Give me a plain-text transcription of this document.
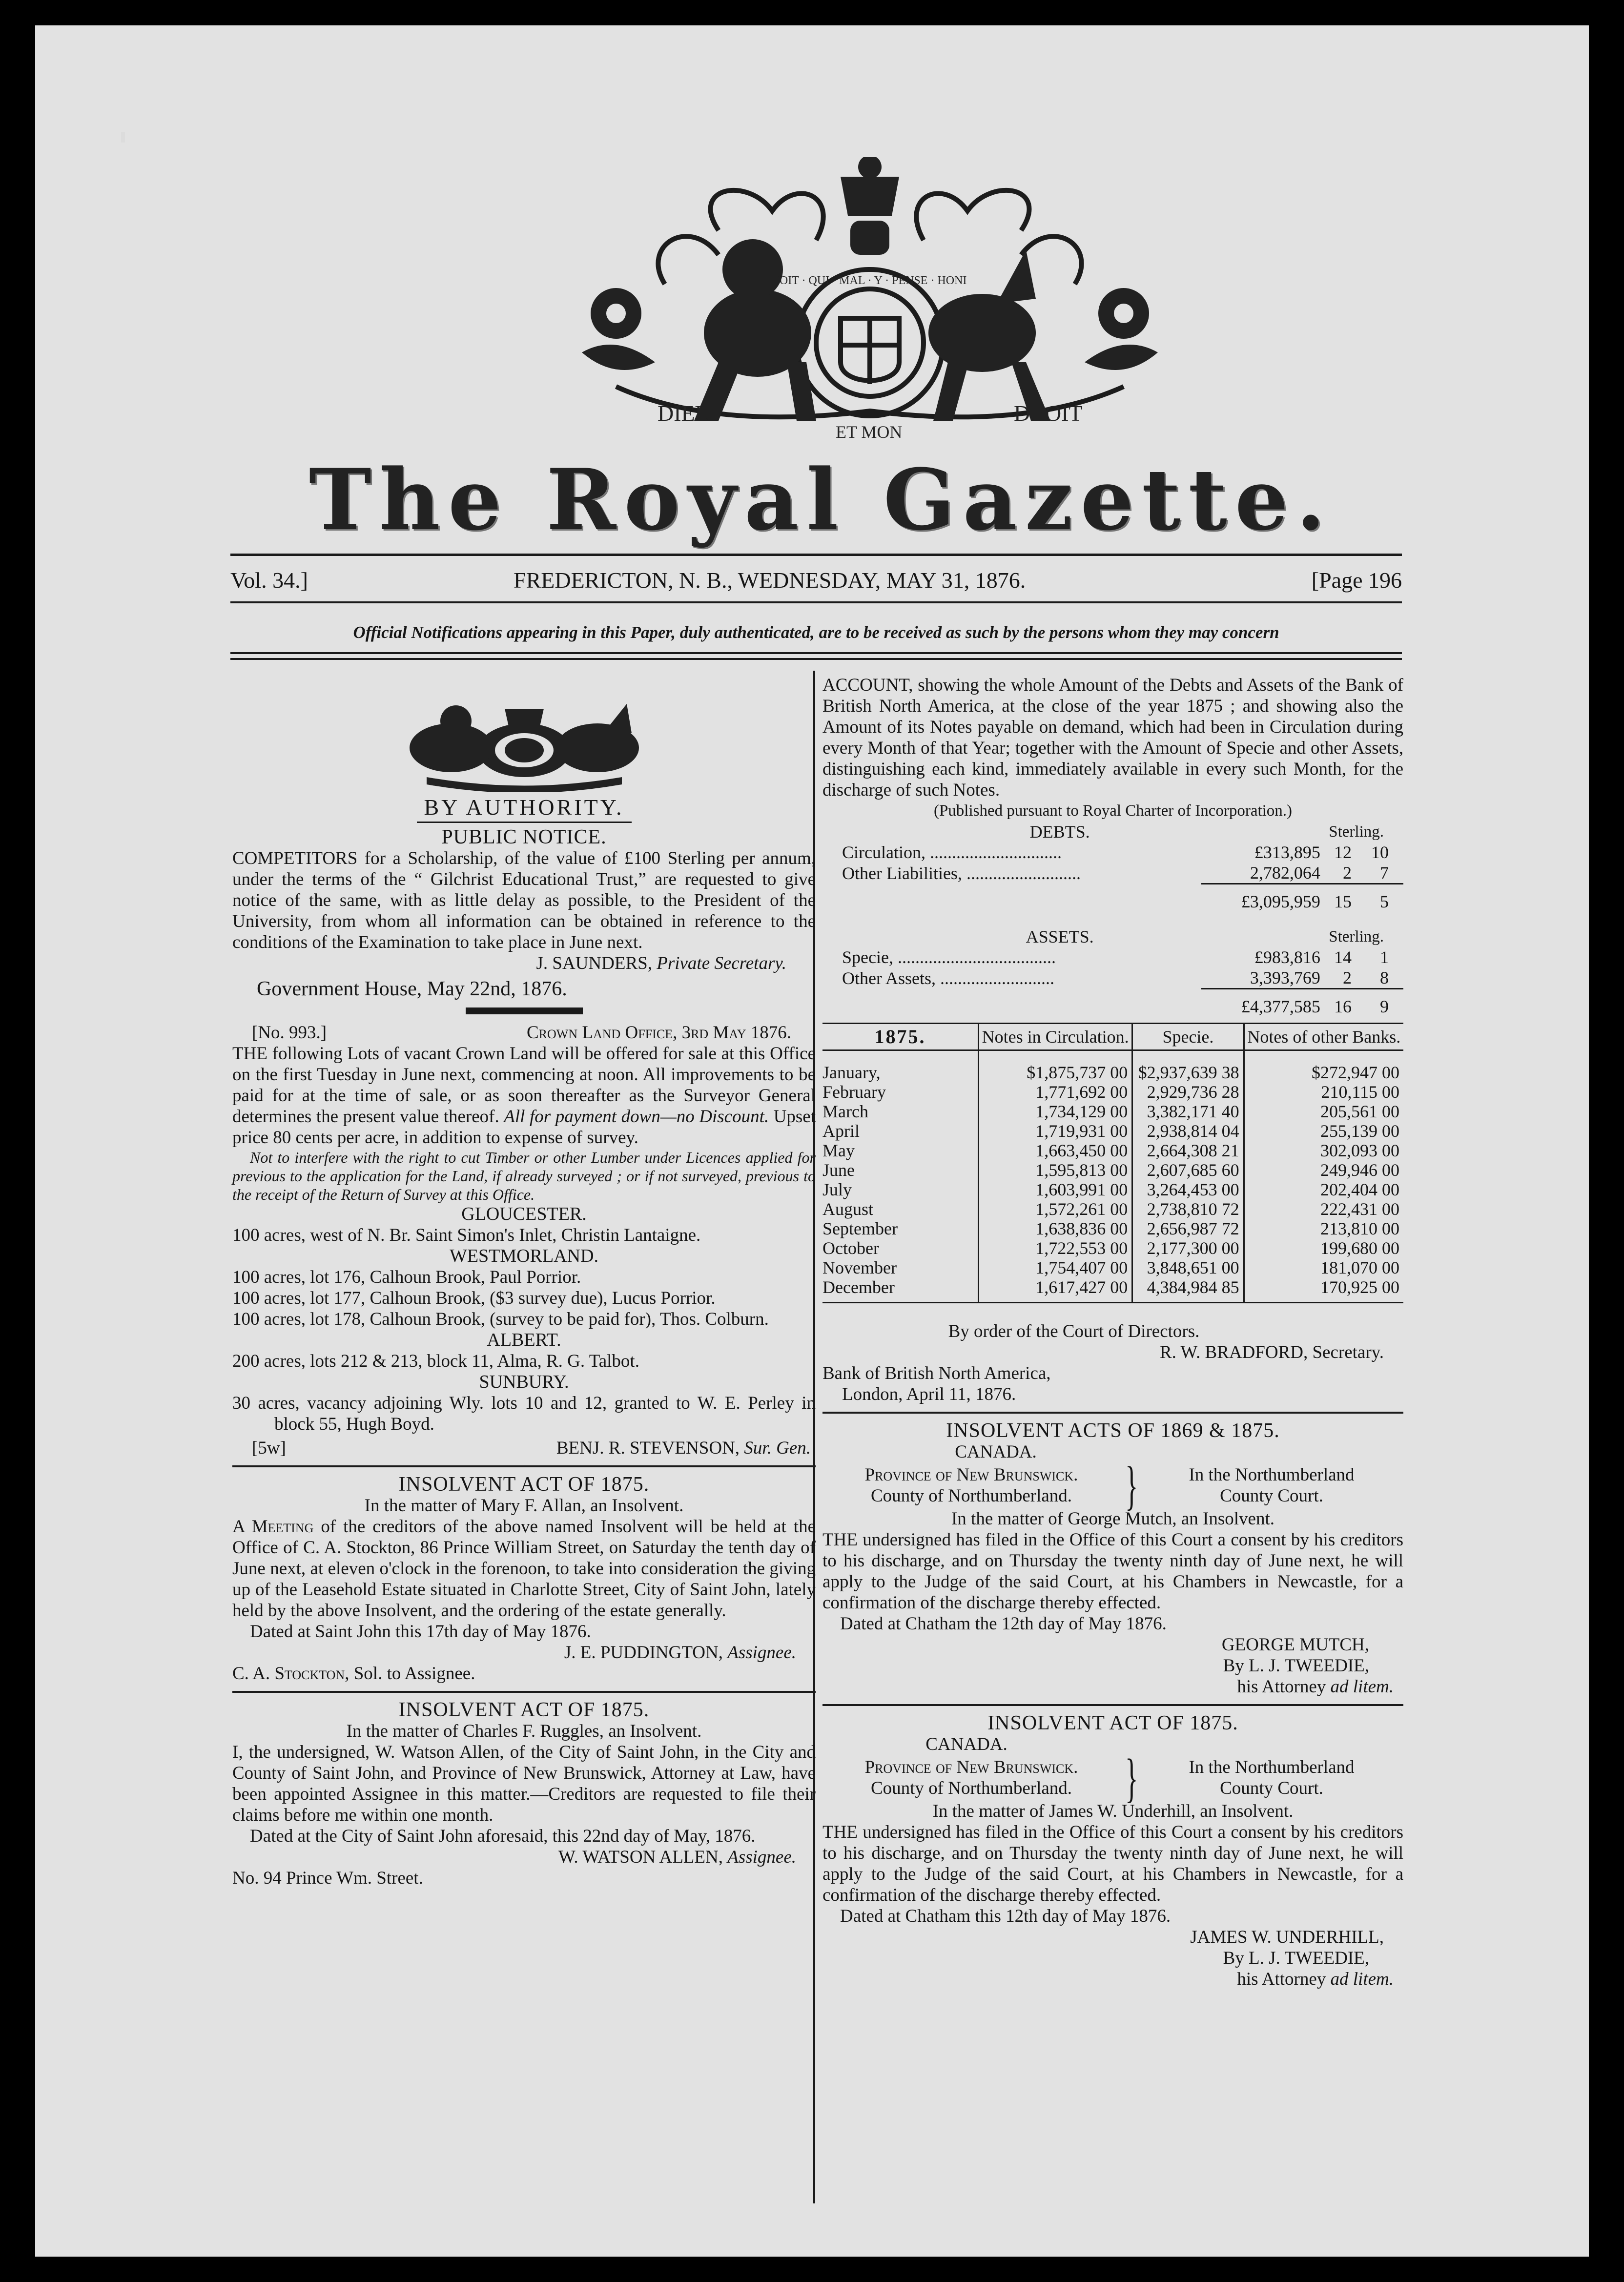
DIEU
ET MON
DROIT
SOIT · QUI · MAL · Y · PENSE · HONI
The Royal Gazette.
Vol. 34.]	FREDERICTON, N. B., WEDNESDAY, MAY 31, 1876.	[Page 196
Official Notifications appearing in this Paper, duly authenticated, are to be received as such by the persons whom they may concern

BY AUTHORITY.

PUBLIC NOTICE.

COMPETITORS for a Scholarship, of the value of £100 Sterling per annum, under the terms of the “ Gilchrist Educational Trust,” are requested to give notice of the same, with as little delay as possible, to the President of the University, from whom all information can be obtained in reference to the conditions of the Examination to take place in June next.

J. SAUNDERS, Private Secretary.

Government House, May 22nd, 1876.

[No. 993.]	Crown Land Office, 3rd May 1876.

THE following Lots of vacant Crown Land will be offered for sale at this Office on the first Tuesday in June next, commencing at noon. All improvements to be paid for at the time of sale, or as soon thereafter as the Surveyor General determines the present value thereof. All for payment down—no Discount. Upset price 80 cents per acre, in addition to expense of survey.

Not to interfere with the right to cut Timber or other Lumber under Licences applied for previous to the application for the Land, if already surveyed ; or if not surveyed, previous to the receipt of the Return of Survey at this Office.

GLOUCESTER.

100 acres, west of N. Br. Saint Simon's Inlet, Christin Lantaigne.

WESTMORLAND.

100 acres, lot 176, Calhoun Brook, Paul Porrior.

100 acres, lot 177, Calhoun Brook, ($3 survey due), Lucus Porrior.

100 acres, lot 178, Calhoun Brook, (survey to be paid for), Thos. Colburn.

ALBERT.

200 acres, lots 212 & 213, block 11, Alma, R. G. Talbot.

SUNBURY.

30 acres, vacancy adjoining Wly. lots 10 and 12, granted to W. E. Perley in block 55, Hugh Boyd.

[5w]	BENJ. R. STEVENSON, Sur. Gen.

INSOLVENT ACT OF 1875.

In the matter of Mary F. Allan, an Insolvent.

A Meeting of the creditors of the above named Insolvent will be held at the Office of C. A. Stockton, 86 Prince William Street, on Saturday the tenth day of June next, at eleven o'clock in the forenoon, to take into consideration the giving up of the Leasehold Estate situated in Charlotte Street, City of Saint John, lately held by the above Insolvent, and the ordering of the estate generally.

Dated at Saint John this 17th day of May 1876.

J. E. PUDDINGTON, Assignee.

C. A. Stockton, Sol. to Assignee.

INSOLVENT ACT OF 1875.

In the matter of Charles F. Ruggles, an Insolvent.

I, the undersigned, W. Watson Allen, of the City of Saint John, in the City and County of Saint John, and Province of New Brunswick, Attorney at Law, have been appointed Assignee in this matter.—Creditors are requested to file their claims before me within one month.

Dated at the City of Saint John aforesaid, this 22nd day of May, 1876.

W. WATSON ALLEN, Assignee.

No. 94 Prince Wm. Street.

ACCOUNT, showing the whole Amount of the Debts and Assets of the Bank of British North America, at the close of the year 1875 ; and showing also the Amount of its Notes payable on demand, which had been in Circulation during every Month of that Year; together with the Amount of Specie and other Assets, distinguishing each kind, immediately available in every such Month, for the discharge of such Notes.

(Published pursuant to Royal Charter of Incorporation.)

DEBTS.	Sterling.		
Circulation, ..............................	£313,895	12	10
Other Liabilities, ..........................	2,782,064	2	7
	£3,095,959	15	5

ASSETS.	Sterling.		
Specie, ....................................	£983,816	14	1
Other Assets, ..........................	3,393,769	2	8
	£4,377,585	16	9
1875.	Notes in Circulation.	Specie.	Notes of other Banks.
January,	$1,875,737 00	$2,937,639 38	$272,947 00
February	1,771,692 00	2,929,736 28	210,115 00
March	1,734,129 00	3,382,171 40	205,561 00
April	1,719,931 00	2,938,814 04	255,139 00
May	1,663,450 00	2,664,308 21	302,093 00
June	1,595,813 00	2,607,685 60	249,946 00
July	1,603,991 00	3,264,453 00	202,404 00
August	1,572,261 00	2,738,810 72	222,431 00
September	1,638,836 00	2,656,987 72	213,810 00
October	1,722,553 00	2,177,300 00	199,680 00
November	1,754,407 00	3,848,651 00	181,070 00
December	1,617,427 00	4,384,984 85	170,925 00

By order of the Court of Directors.

R. W. BRADFORD, Secretary.

Bank of British North America,

London, April 11, 1876.

INSOLVENT ACTS OF 1869 & 1875.

CANADA.

Province of New Brunswick.
County of Northumberland. }	In the Northumberland
County Court.

In the matter of George Mutch, an Insolvent.

THE undersigned has filed in the Office of this Court a consent by his creditors to his discharge, and on Thursday the twenty ninth day of June next, he will apply to the Judge of the said Court, at his Chambers in Newcastle, for a confirmation of the discharge thereby effected.

Dated at Chatham the 12th day of May 1876.

GEORGE MUTCH,

By L. J. TWEEDIE,

his Attorney ad litem.

INSOLVENT ACT OF 1875.

CANADA.

Province of New Brunswick.
County of Northumberland. }	In the Northumberland
County Court.

In the matter of James W. Underhill, an Insolvent.

THE undersigned has filed in the Office of this Court a consent by his creditors to his discharge, and on Thursday the twenty ninth day of June next, he will apply to the Judge of the said Court, at his Chambers in Newcastle, for a confirmation of the discharge thereby effected.

Dated at Chatham this 12th day of May 1876.

JAMES W. UNDERHILL,

By L. J. TWEEDIE,

his Attorney ad litem.
